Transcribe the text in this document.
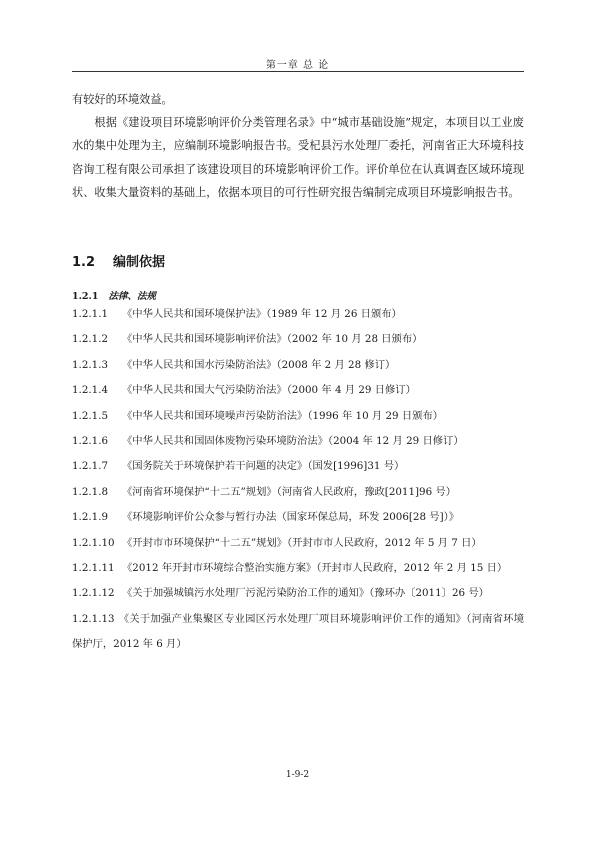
第一章 总 论
有较好的环境效益。
根据《建设项目环境影响评价分类管理名录》中“城市基础设施”规定，本项目以工业废水的集中处理为主，应编制环境影响报告书。受杞县污水处理厂委托，河南省正大环境科技咨询工程有限公司承担了该建设项目的环境影响评价工作。评价单位在认真调查区域环境现状、收集大量资料的基础上，依据本项目的可行性研究报告编制完成项目环境影响报告书。
1.2 编制依据
1.2.1 法律、法规
1.2.1.1 《中华人民共和国环境保护法》（1989 年 12 月 26 日颁布）
1.2.1.2 《中华人民共和国环境影响评价法》（2002 年 10 月 28 日颁布）
1.2.1.3 《中华人民共和国水污染防治法》（2008 年 2 月 28 修订）
1.2.1.4 《中华人民共和国大气污染防治法》（2000 年 4 月 29 日修订）
1.2.1.5 《中华人民共和国环境噪声污染防治法》（1996 年 10 月 29 日颁布）
1.2.1.6 《中华人民共和国固体废物污染环境防治法》（2004 年 12 月 29 日修订）
1.2.1.7 《国务院关于环境保护若干问题的决定》（国发[1996]31 号）
1.2.1.8 《河南省环境保护“十二五”规划》（河南省人民政府，豫政[2011]96 号）
1.2.1.9 《环境影响评价公众参与暂行办法（国家环保总局，环发 2006[28 号]）》
1.2.1.10 《开封市市环境保护“十二五”规划》（开封市市人民政府，2012 年 5 月 7 日）
1.2.1.11 《2012 年开封市环境综合整治实施方案》（开封市人民政府，2012 年 2 月 15 日）
1.2.1.12 《关于加强城镇污水处理厂污泥污染防治工作的通知》（豫环办〔2011〕26 号）
1.2.1.13 《关于加强产业集聚区专业园区污水处理厂项目环境影响评价工作的通知》（河南省环境保护厅，2012 年 6 月）
1-9-2
